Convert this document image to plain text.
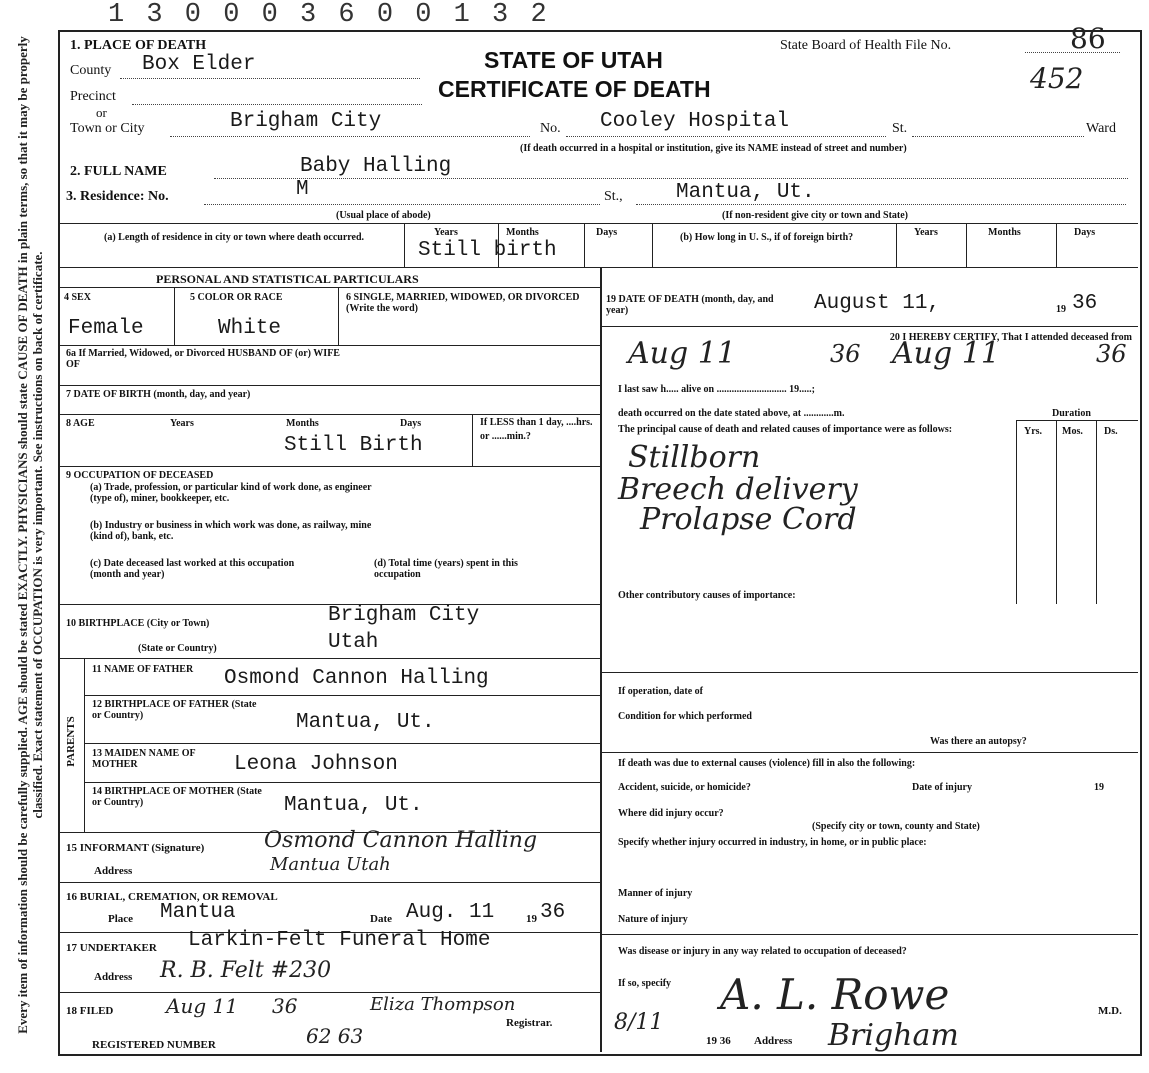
Every item of information should be carefully supplied. AGE should be stated EXACTLY. PHYSICIANS should state CAUSE OF DEATH in plain terms, so that it may be properly classified. Exact statement of OCCUPATION is very important. See instructions on back of certificate.
1 3 0 0 0 3 6 0 0 1 3 2
STATE OF UTAH
CERTIFICATE OF DEATH
State Board of Health File No.	86
452
1. PLACE OF DEATH
County Box Elder
Precinct
or
Town or City	Brigham City	No. Cooley Hospital	St.	Ward
(If death occurred in a hospital or institution, give its NAME instead of street and number)
2. FULL NAME	Baby Halling
3. Residence: No.	M	St.,	Mantua, Ut.
(Usual place of abode)	(If non-resident give city or town and State)
(a) Length of residence in city or town where death occurred.	Years	Months	Days
Still birth
(b) How long in U. S., if of foreign birth?	Years	Months	Days
PERSONAL AND STATISTICAL PARTICULARS
4 SEX
Female
5 COLOR OR RACE
White
6 SINGLE, MARRIED, WIDOWED, OR DIVORCED (Write the word)
6a If Married, Widowed, or Divorced HUSBAND OF (or) WIFE OF
7 DATE OF BIRTH (month, day, and year)
8 AGE	Years	Months	Days
Still Birth
If LESS than 1 day, ....hrs. or ......min.?
9 OCCUPATION OF DECEASED
(a) Trade, profession, or particular kind of work done, as engineer (type of), miner, bookkeeper, etc.
(b) Industry or business in which work was done, as railway, mine (kind of), bank, etc.
(c) Date deceased last worked at this occupation (month and year)
(d) Total time (years) spent in this occupation
10 BIRTHPLACE (City or Town)	Brigham City
(State or Country)	Utah
PARENTS
11 NAME OF FATHER	Osmond Cannon Halling
12 BIRTHPLACE OF FATHER (State or Country)	Mantua, Ut.
13 MAIDEN NAME OF MOTHER	Leona Johnson
14 BIRTHPLACE OF MOTHER (State or Country)	Mantua, Ut.
15 INFORMANT (Signature)	Osmond Cannon Halling
Address	Mantua Utah
16 BURIAL, CREMATION, OR REMOVAL
Place Mantua	Date Aug. 11	19 36
17 UNDERTAKER Larkin-Felt Funeral Home
Address R. B. Felt #230
18 FILED	Aug 11 36	Eliza Thompson
Registrar.
REGISTERED NUMBER	62 63
19 DATE OF DEATH (month, day, and year)	August 11,	19 36
20 I HEREBY CERTIFY, That I attended deceased from
Aug 11	36 Aug 11	36
I last saw h..... alive on ............................ 19.....;
death occurred on the date stated above, at ............m.	Duration
Yrs. Mos. Ds.
The principal cause of death and related causes of importance were as follows:
Stillborn
Breech delivery
Prolapse Cord
Other contributory causes of importance:
If operation, date of
Condition for which performed
Was there an autopsy?
If death was due to external causes (violence) fill in also the following:
Accident, suicide, or homicide?	Date of injury	19
Where did injury occur?
(Specify city or town, county and State)
Specify whether injury occurred in industry, in home, or in public place:
Manner of injury
Nature of injury
Was disease or injury in any way related to occupation of deceased?
If so, specify A. L. Rowe	M.D.
8/11
19 36 Address Brigham
